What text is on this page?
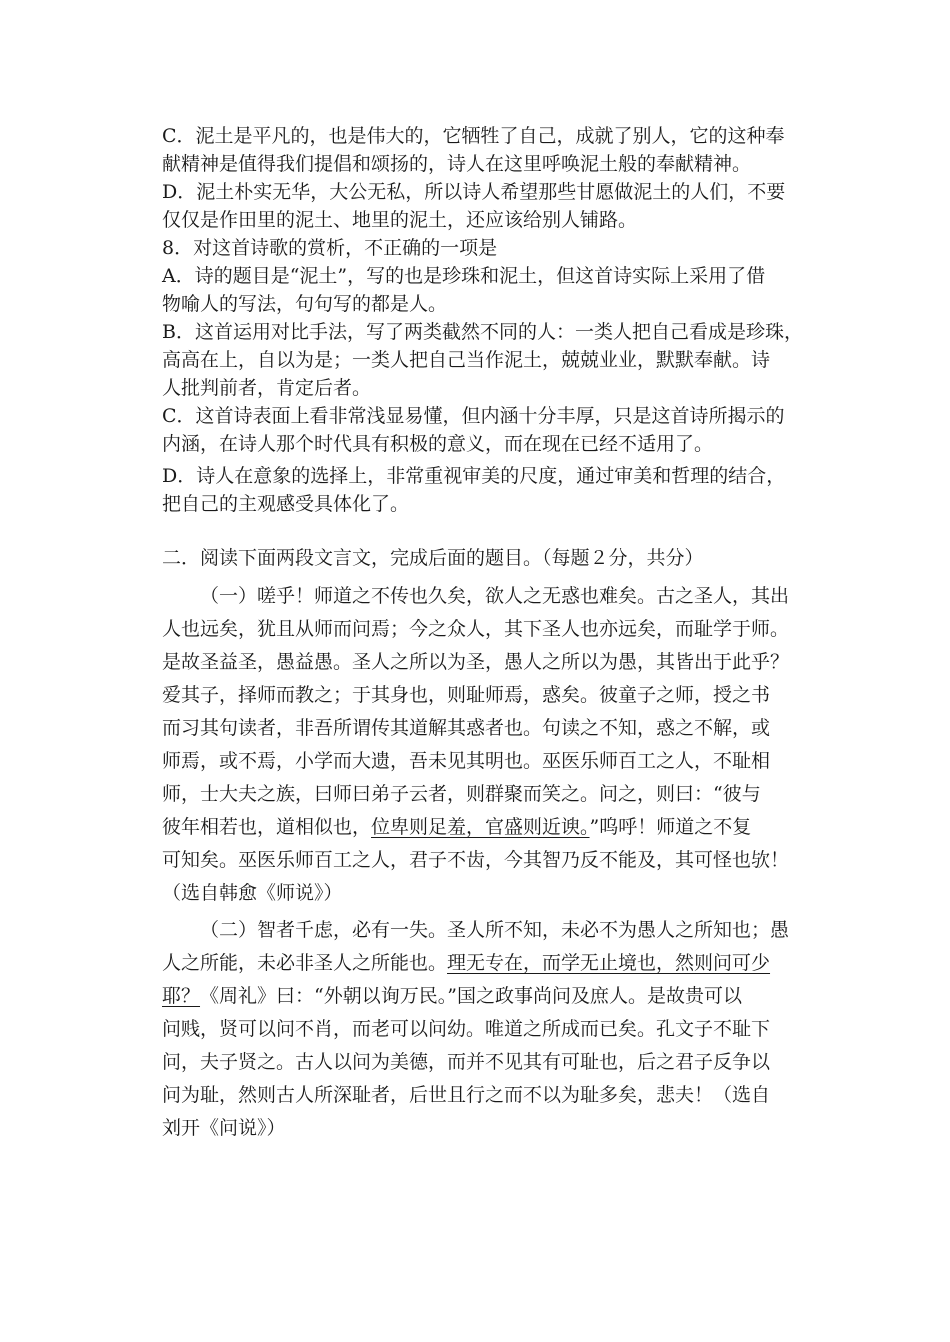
C．泥土是平凡的，也是伟大的，它牺牲了自己，成就了别人，它的这种奉
献精神是值得我们提倡和颂扬的，诗人在这里呼唤泥土般的奉献精神。
D．泥土朴实无华，大公无私，所以诗人希望那些甘愿做泥土的人们，不要
仅仅是作田里的泥土、地里的泥土，还应该给别人铺路。
8．对这首诗歌的赏析，不正确的一项是
A．诗的题目是“泥土”，写的也是珍珠和泥土，但这首诗实际上采用了借
物喻人的写法，句句写的都是人。
B．这首运用对比手法，写了两类截然不同的人：一类人把自己看成是珍珠，
高高在上，自以为是；一类人把自己当作泥土，兢兢业业，默默奉献。诗
人批判前者，肯定后者。
C．这首诗表面上看非常浅显易懂，但内涵十分丰厚，只是这首诗所揭示的
内涵，在诗人那个时代具有积极的意义，而在现在已经不适用了。
D．诗人在意象的选择上，非常重视审美的尺度，通过审美和哲理的结合，
把自己的主观感受具体化了。
二．阅读下面两段文言文，完成后面的题目。（每题２分，共分）
（一）嗟乎！师道之不传也久矣，欲人之无惑也难矣。古之圣人，其出
人也远矣，犹且从师而问焉；今之众人，其下圣人也亦远矣，而耻学于师。
是故圣益圣，愚益愚。圣人之所以为圣，愚人之所以为愚，其皆出于此乎？
爱其子，择师而教之；于其身也，则耻师焉，惑矣。彼童子之师，授之书
而习其句读者，非吾所谓传其道解其惑者也。句读之不知，惑之不解，或
师焉，或不焉，小学而大遗，吾未见其明也。巫医乐师百工之人，不耻相
师，士大夫之族，曰师曰弟子云者，则群聚而笑之。问之，则曰：“彼与
彼年相若也，道相似也，位卑则足羞，官盛则近谀。”呜呼！师道之不复
可知矣。巫医乐师百工之人，君子不齿，今其智乃反不能及，其可怪也欤！
（选自韩愈《师说》）
（二）智者千虑，必有一失。圣人所不知，未必不为愚人之所知也；愚
人之所能，未必非圣人之所能也。理无专在，而学无止境也，然则问可少
耶？《周礼》曰：“外朝以询万民。”国之政事尚问及庶人。是故贵可以
问贱，贤可以问不肖，而老可以问幼。唯道之所成而已矣。孔文子不耻下
问，夫子贤之。古人以问为美德，而并不见其有可耻也，后之君子反争以
问为耻，然则古人所深耻者，后世且行之而不以为耻多矣，悲夫！（选自
刘开《问说》）
